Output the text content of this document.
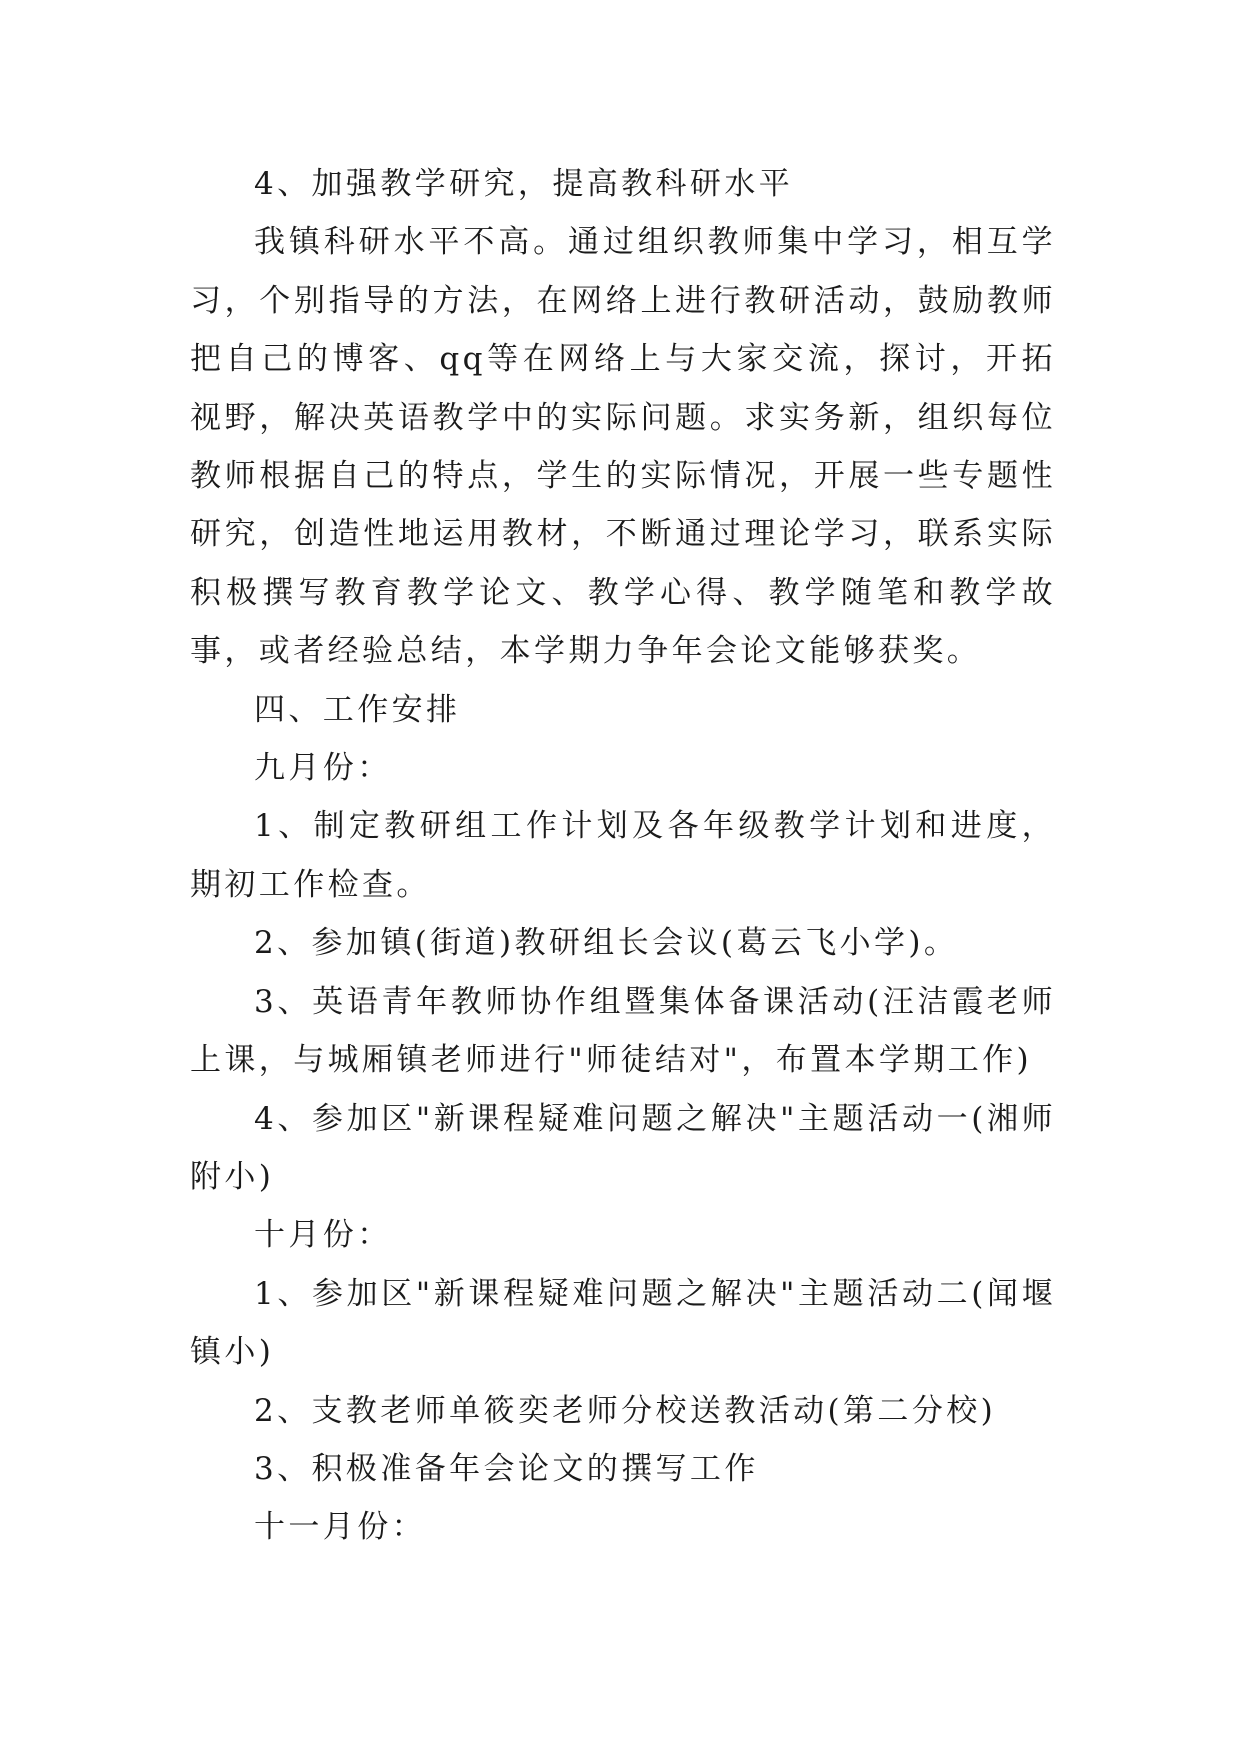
4、加强教学研究，提高教科研水平

我镇科研水平不高。通过组织教师集中学习，相互学习，个别指导的方法，在网络上进行教研活动，鼓励教师把自己的博客、qq等在网络上与大家交流，探讨，开拓视野，解决英语教学中的实际问题。求实务新，组织每位教师根据自己的特点，学生的实际情况，开展一些专题性研究，创造性地运用教材，不断通过理论学习，联系实际积极撰写教育教学论文、教学心得、教学随笔和教学故事，或者经验总结，本学期力争年会论文能够获奖。

四、工作安排

九月份：

1、制定教研组工作计划及各年级教学计划和进度，期初工作检查。

2、参加镇(街道)教研组长会议(葛云飞小学)。

3、英语青年教师协作组暨集体备课活动(汪洁霞老师上课，与城厢镇老师进行"师徒结对"，布置本学期工作)

4、参加区"新课程疑难问题之解决"主题活动一(湘师附小)

十月份：

1、参加区"新课程疑难问题之解决"主题活动二(闻堰镇小)

2、支教老师单筱奕老师分校送教活动(第二分校)

3、积极准备年会论文的撰写工作

十一月份：
